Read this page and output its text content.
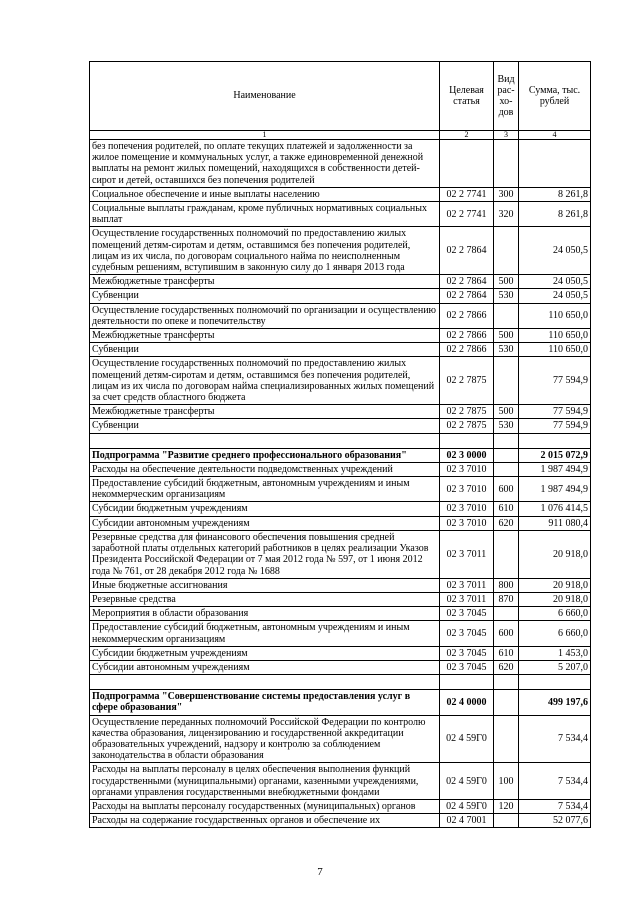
Наименование	Целевая статья	Вид рас-хо-дов	Сумма, тыс. рублей
1	2	3	4
без попечения родителей, по оплате текущих платежей и задолженности за жилое помещение и коммунальных услуг, а также единовременной денежной выплаты на ремонт жилых помещений, находящихся в собственности детей-сирот и детей, оставшихся без попечения родителей			
Социальное обеспечение и иные выплаты населению	02 2 7741	300	8 261,8
Социальные выплаты гражданам, кроме публичных нормативных социальных выплат	02 2 7741	320	8 261,8
Осуществление государственных полномочий по предоставлению жилых помещений детям-сиротам и детям, оставшимся без попечения родителей, лицам из их числа, по договорам социального найма по неисполненным судебным решениям, вступившим в законную силу до 1 января 2013 года	02 2 7864		24 050,5
Межбюджетные трансферты	02 2 7864	500	24 050,5
Субвенции	02 2 7864	530	24 050,5
Осуществление государственных полномочий по организации и осуществлению деятельности по опеке и попечительству	02 2 7866		110 650,0
Межбюджетные трансферты	02 2 7866	500	110 650,0
Субвенции	02 2 7866	530	110 650,0
Осуществление государственных полномочий по предоставлению жилых помещений детям-сиротам и детям, оставшимся без попечения родителей, лицам из их числа по договорам найма специализированных жилых помещений за счет средств областного бюджета	02 2 7875		77 594,9
Межбюджетные трансферты	02 2 7875	500	77 594,9
Субвенции	02 2 7875	530	77 594,9

Подпрограмма "Развитие среднего профессионального образования"	02 3 0000		2 015 072,9
Расходы на обеспечение деятельности подведомственных учреждений	02 3 7010		1 987 494,9
Предоставление субсидий бюджетным, автономным учреждениям и иным некоммерческим организациям	02 3 7010	600	1 987 494,9
Субсидии бюджетным учреждениям	02 3 7010	610	1 076 414,5
Субсидии автономным учреждениям	02 3 7010	620	911 080,4
Резервные средства для финансового обеспечения повышения средней заработной платы отдельных категорий работников в целях реализации Указов Президента Российской Федерации от 7 мая 2012 года № 597, от 1 июня 2012 года № 761, от 28 декабря 2012 года № 1688	02 3 7011		20 918,0
Иные бюджетные ассигнования	02 3 7011	800	20 918,0
Резервные средства	02 3 7011	870	20 918,0
Мероприятия в области образования	02 3 7045		6 660,0
Предоставление субсидий бюджетным, автономным учреждениям и иным некоммерческим организациям	02 3 7045	600	6 660,0
Субсидии бюджетным учреждениям	02 3 7045	610	1 453,0
Субсидии автономным учреждениям	02 3 7045	620	5 207,0

Подпрограмма "Совершенствование системы предоставления услуг в сфере образования"	02 4 0000		499 197,6
Осуществление переданных полномочий Российской Федерации по контролю качества образования, лицензированию и государственной аккредитации образовательных учреждений, надзору и контролю за соблюдением законодательства в области образования	02 4 59Г0		7 534,4
Расходы на выплаты персоналу в целях обеспечения выполнения функций государственными (муниципальными) органами, казенными учреждениями, органами управления государственными внебюджетными фондами	02 4 59Г0	100	7 534,4
Расходы на выплаты персоналу государственных (муниципальных) органов	02 4 59Г0	120	7 534,4
Расходы на содержание государственных органов и обеспечение их	02 4 7001		52 077,6
7
